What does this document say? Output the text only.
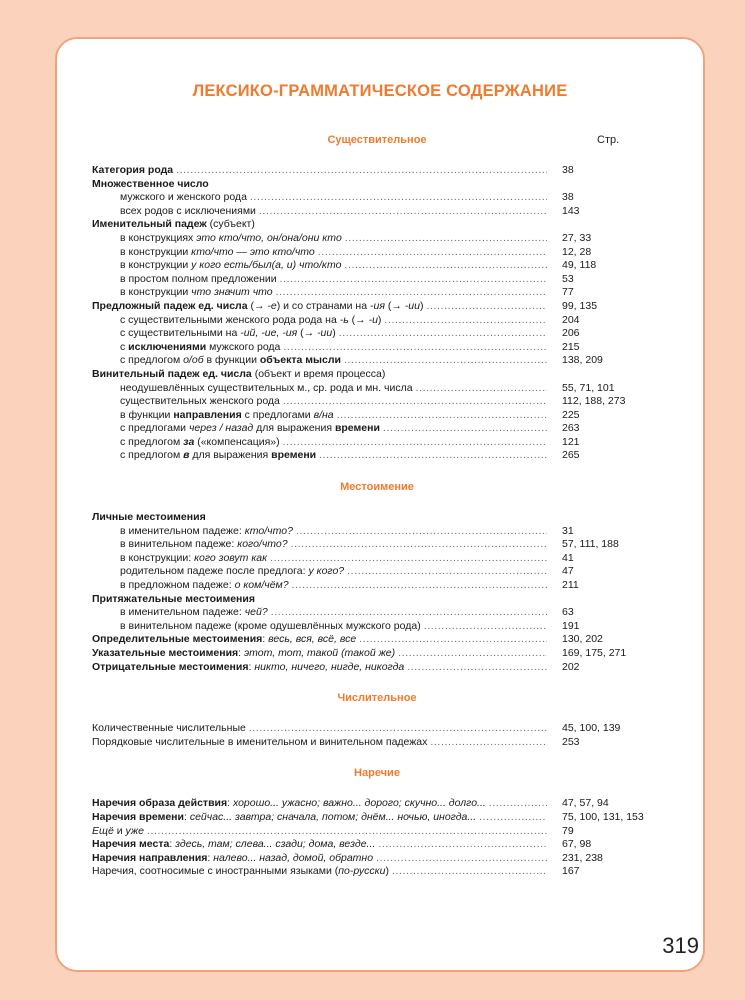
ЛЕКСИКО-ГРАММАТИЧЕСКОЕ СОДЕРЖАНИЕ
Существительное	Стр.
Категория рода .....	38
Множественное число
мужского и женского рода .....	38
всех родов с исключениями .....	143
Именительный падеж (субъект)
в конструкциях это кто/что, он/она/они кто .....	27, 33
в конструкции кто/что — это кто/что .....	12, 28
в конструкции у кого есть/был(а, и) что/кто .....	49, 118
в простом полном предложении .....	53
в конструкции что значит что .....	77
Предложный падеж ед. числа (→ -е) и со странами на -ия (→ -ии) .....	99, 135
с существительными женского рода рода на -ь (→ -и) .....	204
с существительными на -ий, -ие, -ия (→ -ии) .....	206
с исключениями мужского рода .....	215
с предлогом о/об в функции объекта мысли .....	138, 209
Винительный падеж ед. числа (объект и время процесса)
неодушевлённых существительных м., ср. рода и мн. числа .....	55, 71, 101
существительных женского рода .....	112, 188, 273
в функции направления с предлогами в/на .....	225
с предлогами через / назад для выражения времени .....	263
с предлогом за («компенсация») .....	121
с предлогом в для выражения времени .....	265
Местоимение
Личные местоимения
в именительном падеже: кто/что? .....	31
в винительном падеже: кого/что? .....	57, 111, 188
в конструкции: кого зовут как .....	41
родительном падеже после предлога: у кого? .....	47
в предложном падеже: о ком/чём? .....	211
Притяжательные местоимения
в именительном падеже: чей? .....	63
в винительном падеже (кроме одушевлённых мужского рода) .....	191
Определительные местоимения: весь, вся, всё, все .....	130, 202
Указательные местоимения: этот, тот, такой (такой же) .....	169, 175, 271
Отрицательные местоимения: никто, ничего, нигде, никогда .....	202
Числительное
Количественные числительные .....	45, 100, 139
Порядковые числительные в именительном и винительном падежах .....	253
Наречие
Наречия образа действия: хорошо... ужасно; важно... дорого; скучно... долго... .....	47, 57, 94
Наречия времени: сейчас... завтра; сначала, потом; днём... ночью, иногда... .....	75, 100, 131, 153
Ещё и уже .....	79
Наречия места: здесь, там; слева... сзади; дома, везде... .....	67, 98
Наречия направления: налево... назад, домой, обратно .....	231, 238
Наречия, соотносимые с иностранными языками (по-русски) .....	167
319
